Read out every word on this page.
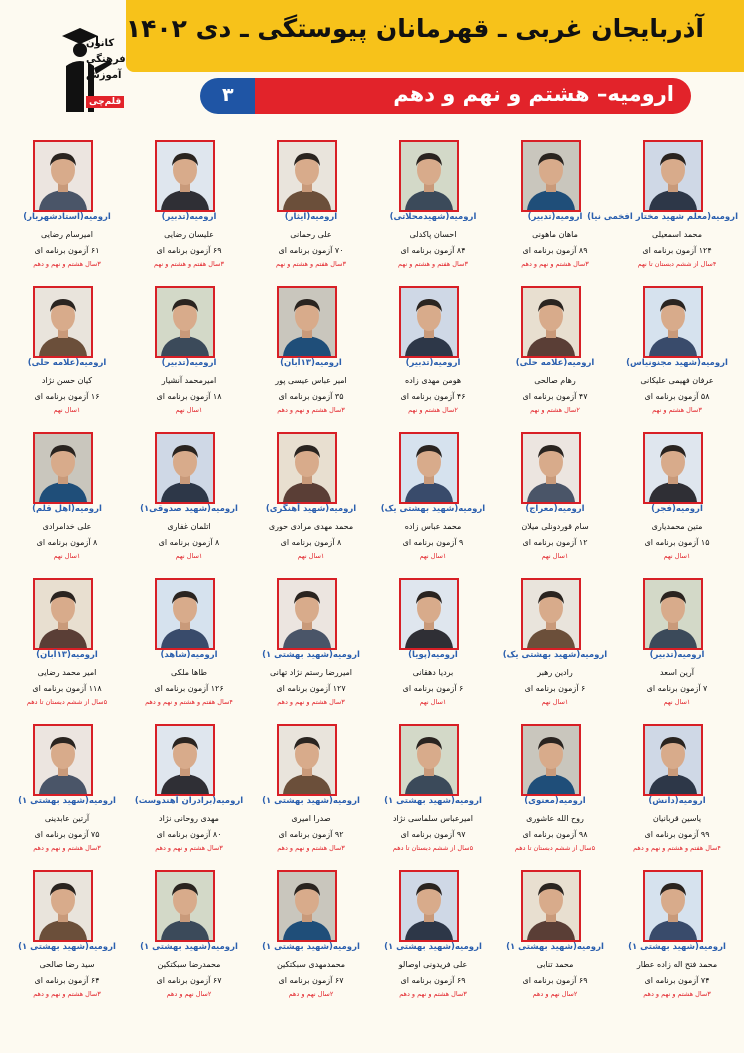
آذربایجان غربی ـ قهرمانان پیوستگی ـ دی ۱۴۰۲
ارومیه– هشتم و نهم و دهم
۳
کانون
فرهنگی
آموزش
قلم‌چی
ارومیه(معلم شهید مختار افخمی نیا)
محمد اسمعیلی
۱۲۴ آزمون برنامه ای
۴سال از ششم دبستان تا نهم
ارومیه(تدبیر)
ماهان ماهونی
۸۹ آزمون برنامه ای
۳سال هشتم و نهم و دهم
ارومیه(شهیدمحلاتی)
احسان پاکدلی
۸۴ آزمون برنامه ای
۳سال هفتم و هشتم و نهم
ارومیه(ایثار)
علی رحمانی
۷۰ آزمون برنامه ای
۳سال هفتم و هشتم و نهم
ارومیه(تدبیر)
علیسان رضایی
۶۹ آزمون برنامه ای
۳سال هفتم و هشتم و نهم
ارومیه(استادشهریار)
امیرسام رضایی
۶۱ آزمون برنامه ای
۳سال هشتم و نهم و دهم
ارومیه(شهید مجنونیاس)
عرفان فهیمی علیکانی
۵۸ آزمون برنامه ای
۳سال هشتم و نهم
ارومیه(علامه حلی)
رهام صالحی
۴۷ آزمون برنامه ای
۲سال هشتم و نهم
ارومیه(تدبیر)
هومن مهدی زاده
۴۶ آزمون برنامه ای
۲سال هشتم و نهم
ارومیه(۱۳آبان)
امیر عباس عیسی پور
۳۵ آزمون برنامه ای
۳سال هشتم و نهم و دهم
ارومیه(تدبیر)
امیرمحمد آنشیار
۱۸ آزمون برنامه ای
۱سال نهم
ارومیه(علامه حلی)
کیان حسن نژاد
۱۶ آزمون برنامه ای
۱سال نهم
ارومیه(فجر)
متین محمدیاری
۱۵ آزمون برنامه ای
۱سال نهم
ارومیه(معراج)
سام قوردونلی میلان
۱۲ آزمون برنامه ای
۱سال نهم
ارومیه(شهید بهشتی یک)
محمد عباس زاده
۹ آزمون برنامه ای
۱سال نهم
ارومیه(شهید آهنگری)
محمد مهدی مرادی حوری
۸ آزمون برنامه ای
۱سال نهم
ارومیه(شهید صدوقی۱)
اتلمان غفاری
۸ آزمون برنامه ای
۱سال نهم
ارومیه(اهل قلم)
علی خدامرادی
۸ آزمون برنامه ای
۱سال نهم
ارومیه(تدبیر)
آرین اسعد
۷ آزمون برنامه ای
۱سال نهم
ارومیه(شهید بهشتی یک)
رادین رهبر
۶ آزمون برنامه ای
۱سال نهم
ارومیه(پویا)
بردیا دهقانی
۶ آزمون برنامه ای
۱سال نهم
ارومیه(شهید بهشتی ۱)
امیررضا رستم نژاد تهانی
۱۲۷ آزمون برنامه ای
۳سال هشتم و نهم و دهم
ارومیه(شاهد)
طاها ملکی
۱۲۶ آزمون برنامه ای
۴سال هفتم و هشتم و نهم و دهم
ارومیه(۱۳آبان)
امیر محمد رضایی
۱۱۸ آزمون برنامه ای
۵سال از ششم دبستان تا دهم
ارومیه(دانش)
یاسین قربانیان
۹۹ آزمون برنامه ای
۴سال هفتم و هشتم و نهم و دهم
ارومیه(معنوی)
روح الله عاشوری
۹۸ آزمون برنامه ای
۵سال از ششم دبستان تا دهم
ارومیه(شهید بهشتی ۱)
امیرعباس سلماسی نژاد
۹۷ آزمون برنامه ای
۵سال از ششم دبستان تا دهم
ارومیه(شهید بهشتی ۱)
صدرا امیری
۹۲ آزمون برنامه ای
۳سال هشتم و نهم و دهم
ارومیه(برادران آهندوست)
مهدی روحانی نژاد
۸۰ آزمون برنامه ای
۳سال هشتم و نهم و دهم
ارومیه(شهید بهشتی ۱)
آرتین عابدینی
۷۵ آزمون برنامه ای
۳سال هشتم و نهم و دهم
ارومیه(شهید بهشتی ۱)
محمد فتح اله زاده عطار
۷۴ آزمون برنامه ای
۳سال هشتم و نهم و دهم
ارومیه(شهید بهشتی ۱)
محمد تنابی
۶۹ آزمون برنامه ای
۲سال نهم و دهم
ارومیه(شهید بهشتی ۱)
علی فریدونی اوصالو
۶۹ آزمون برنامه ای
۳سال هشتم و نهم و دهم
ارومیه(شهید بهشتی ۱)
محمدمهدی سبکتکین
۶۷ آزمون برنامه ای
۲سال نهم و دهم
ارومیه(شهید بهشتی ۱)
محمدرضا سبکتکین
۶۷ آزمون برنامه ای
۲سال نهم و دهم
ارومیه(شهید بهشتی ۱)
سید رضا صالحی
۶۴ آزمون برنامه ای
۳سال هشتم و نهم و دهم
